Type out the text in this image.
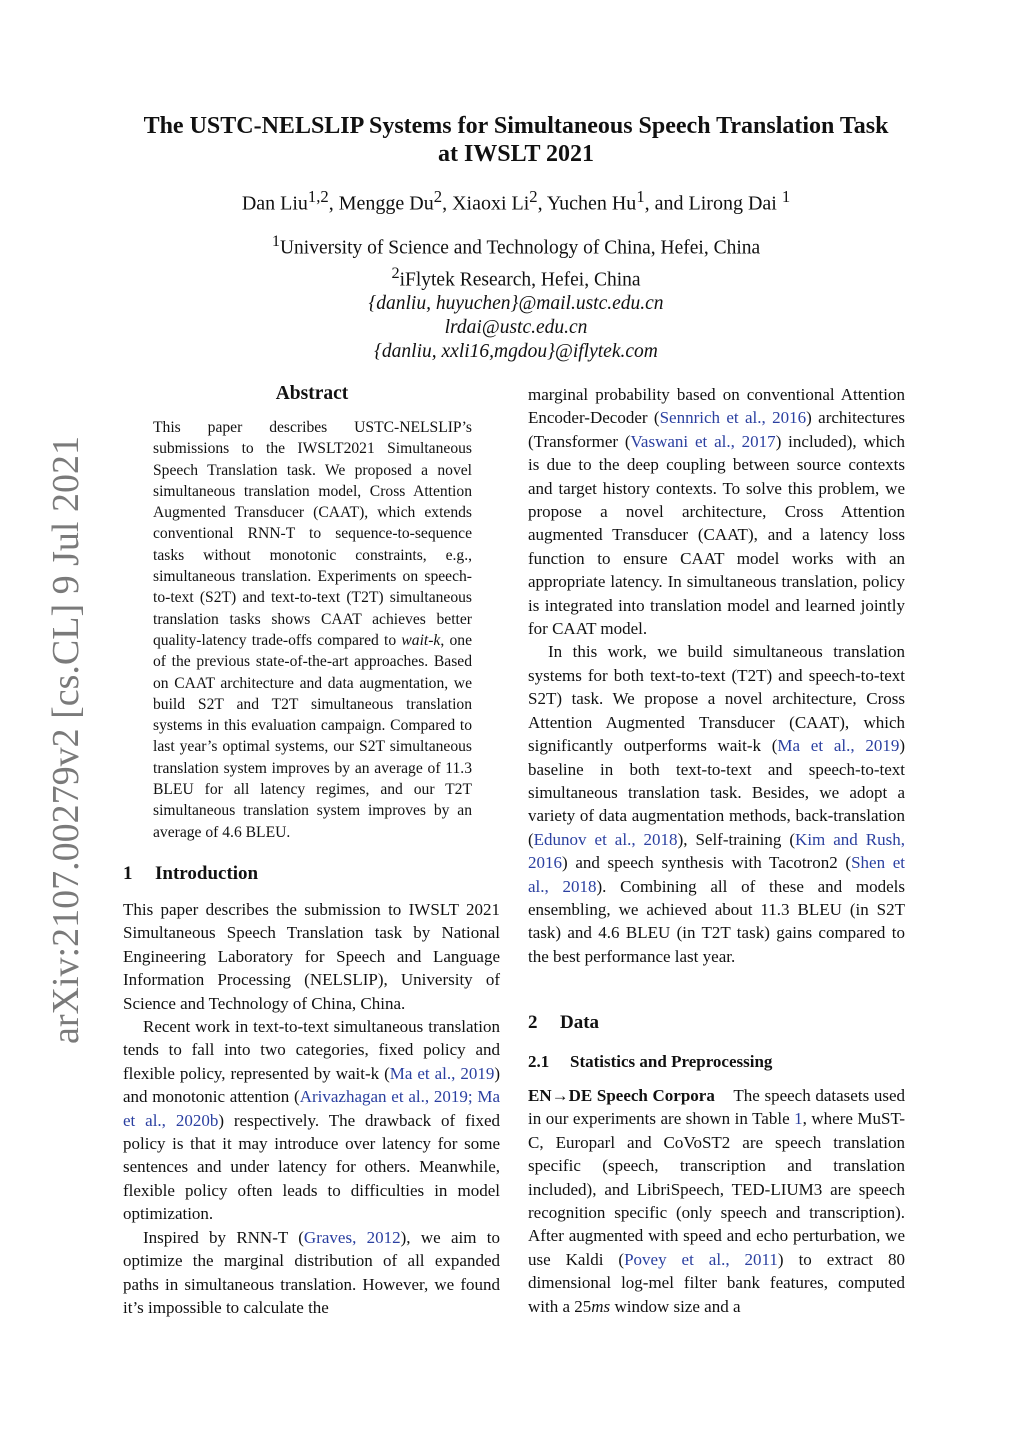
arXiv:2107.00279v2 [cs.CL] 9 Jul 2021
The USTC-NELSLIP Systems for Simultaneous Speech Translation Task
at IWSLT 2021
Dan Liu$^{1,2}$, Mengge Du$^2$, Xiaoxi Li$^2$, Yuchen Hu$^1$, and Lirong Dai $^1$
$^1$University of Science and Technology of China, Hefei, China
$^2$iFlytek Research, Hefei, China
{danliu, huyuchen}@mail.ustc.edu.cn
lrdai@ustc.edu.cn
{danliu, xxli16,mgdou}@iflytek.com
Abstract
This paper describes USTC-NELSLIP’s submissions to the IWSLT2021 Simultaneous Speech Translation task. We proposed a novel simultaneous translation model, Cross Attention Augmented Transducer (CAAT), which extends conventional RNN-T to sequence-to-sequence tasks without monotonic constraints, e.g., simultaneous translation. Experiments on speech-to-text (S2T) and text-to-text (T2T) simultaneous translation tasks shows CAAT achieves better quality-latency trade-offs compared to wait-k, one of the previous state-of-the-art approaches. Based on CAAT architecture and data augmentation, we build S2T and T2T simultaneous translation systems in this evaluation campaign. Compared to last year’s optimal systems, our S2T simultaneous translation system improves by an average of 11.3 BLEU for all latency regimes, and our T2T simultaneous translation system improves by an average of 4.6 BLEU.
1 Introduction

This paper describes the submission to IWSLT 2021 Simultaneous Speech Translation task by National Engineering Laboratory for Speech and Language Information Processing (NELSLIP), University of Science and Technology of China, China.

Recent work in text-to-text simultaneous translation tends to fall into two categories, fixed policy and flexible policy, represented by wait-k (Ma et al., 2019) and monotonic attention (Arivazhagan et al., 2019; Ma et al., 2020b) respectively. The drawback of fixed policy is that it may introduce over latency for some sentences and under latency for others. Meanwhile, flexible policy often leads to difficulties in model optimization.

Inspired by RNN-T (Graves, 2012), we aim to optimize the marginal distribution of all expanded paths in simultaneous translation. However, we found it’s impossible to calculate the

marginal probability based on conventional Attention Encoder-Decoder (Sennrich et al., 2016) architectures (Transformer (Vaswani et al., 2017) included), which is due to the deep coupling between source contexts and target history contexts. To solve this problem, we propose a novel architecture, Cross Attention augmented Transducer (CAAT), and a latency loss function to ensure CAAT model works with an appropriate latency. In simultaneous translation, policy is integrated into translation model and learned jointly for CAAT model.

In this work, we build simultaneous translation systems for both text-to-text (T2T) and speech-to-text S2T) task. We propose a novel architecture, Cross Attention Augmented Transducer (CAAT), which significantly outperforms wait-k (Ma et al., 2019) baseline in both text-to-text and speech-to-text simultaneous translation task. Besides, we adopt a variety of data augmentation methods, back-translation (Edunov et al., 2018), Self-training (Kim and Rush, 2016) and speech synthesis with Tacotron2 (Shen et al., 2018). Combining all of these and models ensembling, we achieved about 11.3 BLEU (in S2T task) and 4.6 BLEU (in T2T task) gains compared to the best performance last year.

2 Data
2.1 Statistics and Preprocessing

EN→DE Speech Corpora The speech datasets used in our experiments are shown in Table 1, where MuST-C, Europarl and CoVoST2 are speech translation specific (speech, transcription and translation included), and LibriSpeech, TED-LIUM3 are speech recognition specific (only speech and transcription). After augmented with speed and echo perturbation, we use Kaldi (Povey et al., 2011) to extract 80 dimensional log-mel filter bank features, computed with a 25ms window size and a
